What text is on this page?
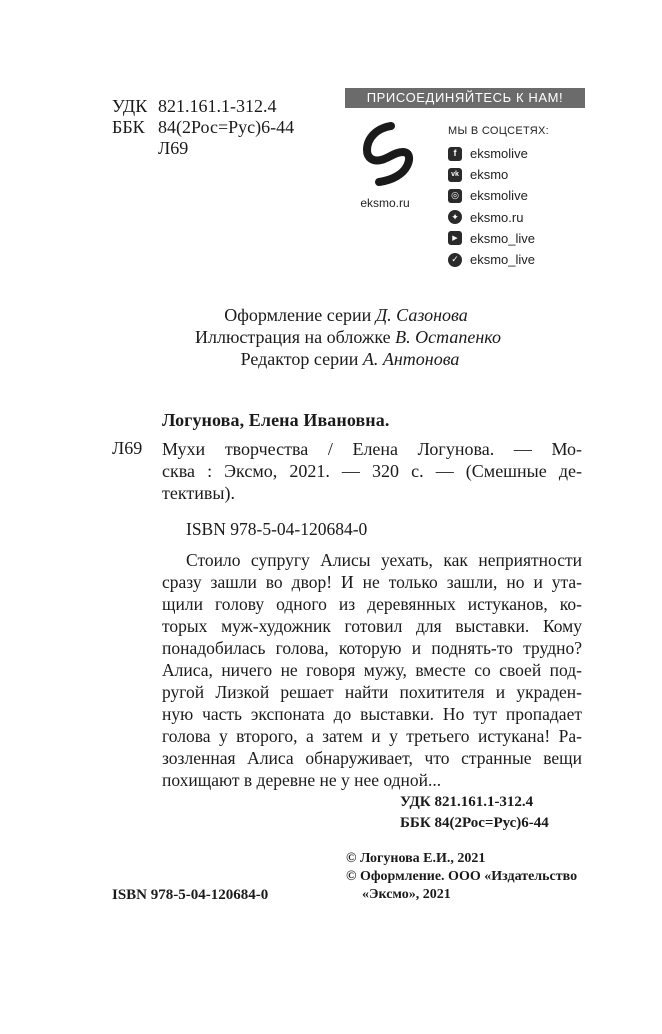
УДК 821.161.1-312.4
ББК 84(2Рос=Рус)6-44
Л69
ПРИСОЕДИНЯЙТЕСЬ К НАМ!
eksmo.ru
МЫ В СОЦСЕТЯХ:
f	eksmolive
vk eksmo
◎ eksmolive
✦ eksmo.ru
▶ eksmo_live
✓ eksmo_live
Оформление серии Д. Сазонова
Иллюстрация на обложке В. Остапенко
Редактор серии А. Антонова
Логунова, Елена Ивановна.
Л69 Мухи творчества / Елена Логунова. — Мо-
сква : Эксмо, 2021. — 320 с. — (Смешные де-
тективы).
ISBN 978-5-04-120684-0
Стоило супругу Алисы уехать, как неприятности
сразу зашли во двор! И не только зашли, но и ута-
щили голову одного из деревянных истуканов, ко-
торых муж-художник готовил для выставки. Кому
понадобилась голова, которую и поднять-то трудно?
Алиса, ничего не говоря мужу, вместе со своей под-
ругой Лизкой решает найти похитителя и украден-
ную часть экспоната до выставки. Но тут пропадает
голова у второго, а затем и у третьего истукана! Ра-
зозленная Алиса обнаруживает, что странные вещи
похищают в деревне не у нее одной...
УДК 821.161.1-312.4
ББК 84(2Рос=Рус)6-44
© Логунова Е.И., 2021
© Оформление. ООО «Издательство
«Эксмо», 2021
ISBN 978-5-04-120684-0
